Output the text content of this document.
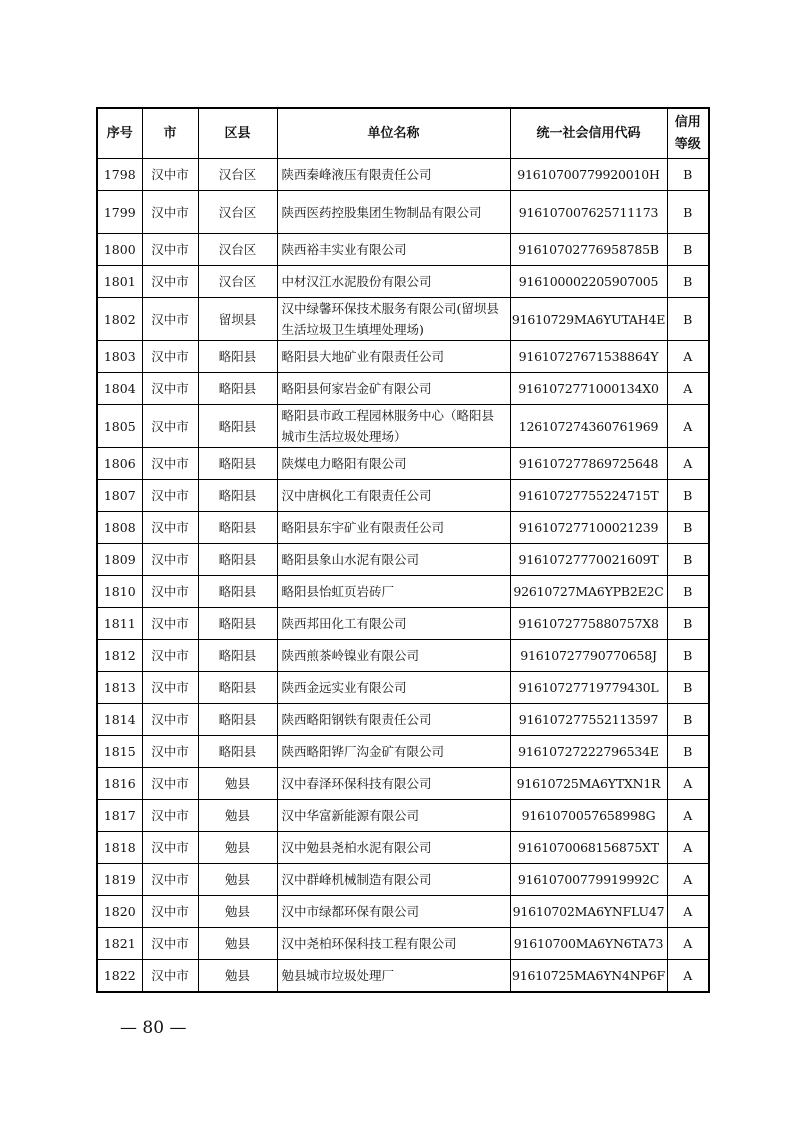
序号	市	区县	单位名称	统一社会信用代码	信用
等级
1798	汉中市	汉台区	陕西秦峰液压有限责任公司	91610700779920010H	B
1799	汉中市	汉台区	陕西医药控股集团生物制品有限公司	916107007625711173	B
1800	汉中市	汉台区	陕西裕丰实业有限公司	91610702776958785B	B
1801	汉中市	汉台区	中材汉江水泥股份有限公司	916100002205907005	B
1802	汉中市	留坝县	汉中绿馨环保技术服务有限公司(留坝县生活垃圾卫生填埋处理场)	91610729MA6YUTAH4E	B
1803	汉中市	略阳县	略阳县大地矿业有限责任公司	916107276715388​64Y	A
1804	汉中市	略阳县	略阳县何家岩金矿有限公司	916107277100013​4X0	A
1805	汉中市	略阳县	略阳县市政工程园林服务中心（略阳县城市生活垃圾处理场）	126107274360761969	A
1806	汉中市	略阳县	陕煤电力略阳有限公司	916107277869725648	A
1807	汉中市	略阳县	汉中唐枫化工有限责任公司	91610727755224715T	B
1808	汉中市	略阳县	略阳县东宇矿业有限责任公司	916107277100021239	B
1809	汉中市	略阳县	略阳县象山水泥有限公司	91610727770021609T	B
1810	汉中市	略阳县	略阳县怡虹页岩砖厂	92610727MA6YPB2E2C	B
1811	汉中市	略阳县	陕西邦田化工有限公司	91610727758807​57X8	B
1812	汉中市	略阳县	陕西煎茶岭镍业有限公司	91610727790770658J	B
1813	汉中市	略阳县	陕西金远实业有限公司	91610727719779430L	B
1814	汉中市	略阳县	陕西略阳钢铁有限责任公司	916107277552113597	B
1815	汉中市	略阳县	陕西略阳铧厂沟金矿有限公司	91610727222796534E	B
1816	汉中市	勉县	汉中春泽环保科技有限公司	91610725MA6YTXN1R	A
1817	汉中市	勉县	汉中华富新能源有限公司	916107005765899​8G	A
1818	汉中市	勉县	汉中勉县尧柏水泥有限公司	91610700681568​75XT	A
1819	汉中市	勉县	汉中群峰机械制造有限公司	91610700779919992C	A
1820	汉中市	勉县	汉中市绿都环保有限公司	91610702MA6YNFLU47	A
1821	汉中市	勉县	汉中尧柏环保科技工程有限公司	91610700MA6YN6TA73	A
1822	汉中市	勉县	勉县城市垃圾处理厂	91610725MA6YN4NP6F	A
— 80 —
